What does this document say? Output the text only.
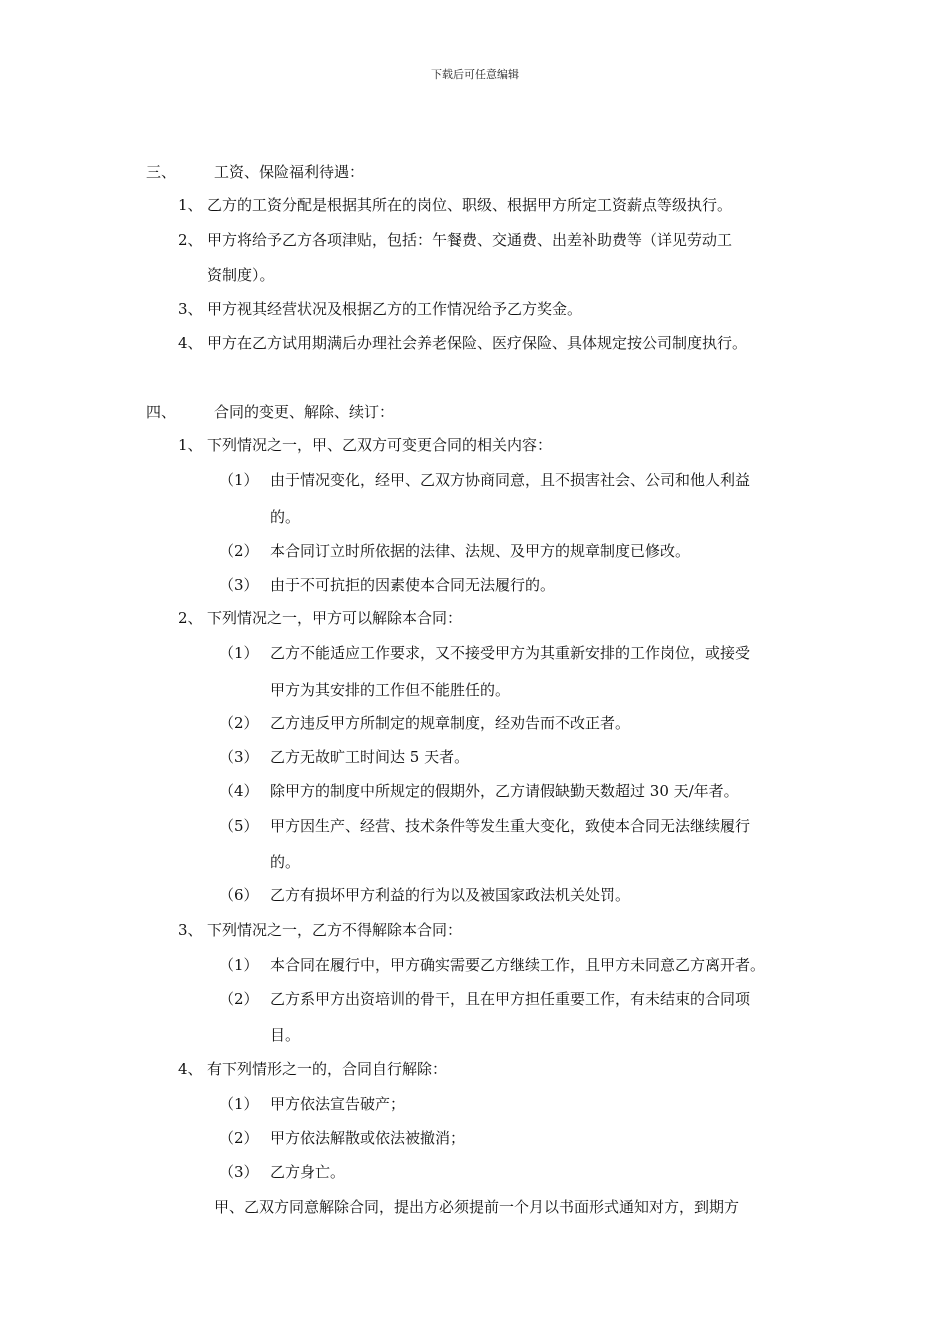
下载后可任意编辑
三、	工资、保险福利待遇：
1、 乙方的工资分配是根据其所在的岗位、职级、根据甲方所定工资薪点等级执行。
2、 甲方将给予乙方各项津贴，包括：午餐费、交通费、出差补助费等（详见劳动工
资制度）。
3、 甲方视其经营状况及根据乙方的工作情况给予乙方奖金。
4、 甲方在乙方试用期满后办理社会养老保险、医疗保险、具体规定按公司制度执行。
四、	合同的变更、解除、续订：
1、 下列情况之一，甲、乙双方可变更合同的相关内容：
（1） 由于情况变化，经甲、乙双方协商同意，且不损害社会、公司和他人利益
的。
（2） 本合同订立时所依据的法律、法规、及甲方的规章制度已修改。
（3） 由于不可抗拒的因素使本合同无法履行的。
2、 下列情况之一，甲方可以解除本合同：
（1） 乙方不能适应工作要求，又不接受甲方为其重新安排的工作岗位，或接受
甲方为其安排的工作但不能胜任的。
（2） 乙方违反甲方所制定的规章制度，经劝告而不改正者。
（3） 乙方无故旷工时间达 5 天者。
（4） 除甲方的制度中所规定的假期外，乙方请假缺勤天数超过 30 天/年者。
（5） 甲方因生产、经营、技术条件等发生重大变化，致使本合同无法继续履行
的。
（6） 乙方有损坏甲方利益的行为以及被国家政法机关处罚。
3、 下列情况之一，乙方不得解除本合同：
（1） 本合同在履行中，甲方确实需要乙方继续工作，且甲方未同意乙方离开者。
（2） 乙方系甲方出资培训的骨干，且在甲方担任重要工作，有未结束的合同项
目。
4、 有下列情形之一的，合同自行解除：
（1） 甲方依法宣告破产；
（2） 甲方依法解散或依法被撤消；
（3） 乙方身亡。
甲、乙双方同意解除合同，提出方必须提前一个月以书面形式通知对方，到期方
